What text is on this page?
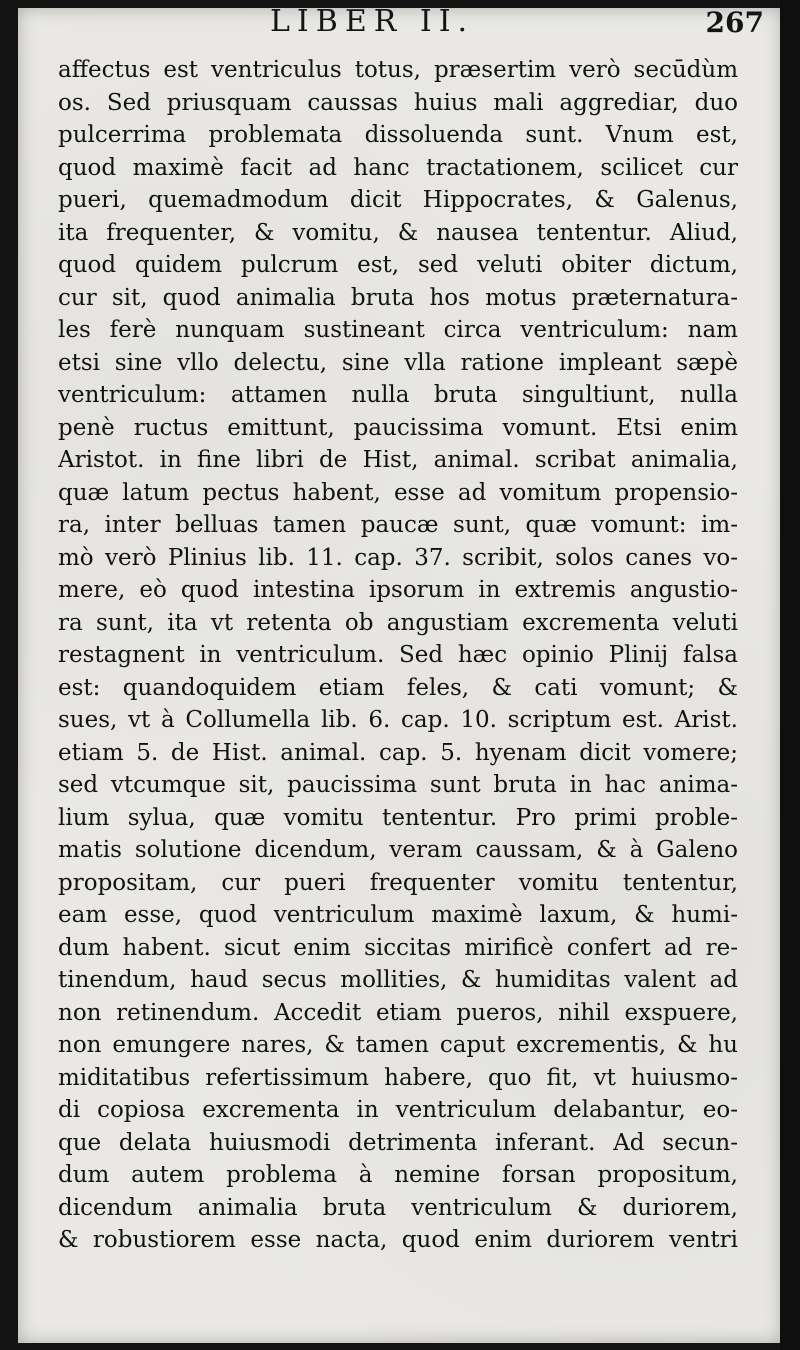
LIBER II.	267
affectus est ventriculus totus, præsertim verò secūdùm
os. Sed priusquam caussas huius mali aggrediar, duo
pulcerrima problemata dissoluenda sunt. Vnum est,
quod maximè facit ad hanc tractationem, scilicet cur
pueri, quemadmodum dicit Hippocrates, & Galenus,
ita frequenter, & vomitu, & nausea tententur. Aliud,
quod quidem pulcrum est, sed veluti obiter dictum,
cur sit, quod animalia bruta hos motus præternatura-
les ferè nunquam sustineant circa ventriculum: nam
etsi sine vllo delectu, sine vlla ratione impleant sæpè
ventriculum: attamen nulla bruta singultiunt, nulla
penè ructus emittunt, paucissima vomunt. Etsi enim
Aristot. in fine libri de Hist, animal. scribat animalia,
quæ latum pectus habent, esse ad vomitum propensio-
ra, inter belluas tamen paucæ sunt, quæ vomunt: im-
mò verò Plinius lib. 11. cap. 37. scribit, solos canes vo-
mere, eò quod intestina ipsorum in extremis angustio-
ra sunt, ita vt retenta ob angustiam excrementa veluti
restagnent in ventriculum. Sed hæc opinio Plinij falsa
est: quandoquidem etiam feles, & cati vomunt; &
sues, vt à Collumella lib. 6. cap. 10. scriptum est. Arist.
etiam 5. de Hist. animal. cap. 5. hyenam dicit vomere;
sed vtcumque sit, paucissima sunt bruta in hac anima-
lium sylua, quæ vomitu tententur. Pro primi proble-
matis solutione dicendum, veram caussam, & à Galeno
propositam, cur pueri frequenter vomitu tententur,
eam esse, quod ventriculum maximè laxum, & humi-
dum habent. sicut enim siccitas mirificè confert ad re-
tinendum, haud secus mollities, & humiditas valent ad
non retinendum. Accedit etiam pueros, nihil exspuere,
non emungere nares, & tamen caput excrementis, & hu
miditatibus refertissimum habere, quo fit, vt huiusmo-
di copiosa excrementa in ventriculum delabantur, eo-
que delata huiusmodi detrimenta inferant. Ad secun-
dum autem problema à nemine forsan propositum,
dicendum animalia bruta ventriculum & duriorem,
& robustiorem esse nacta, quod enim duriorem ventri
